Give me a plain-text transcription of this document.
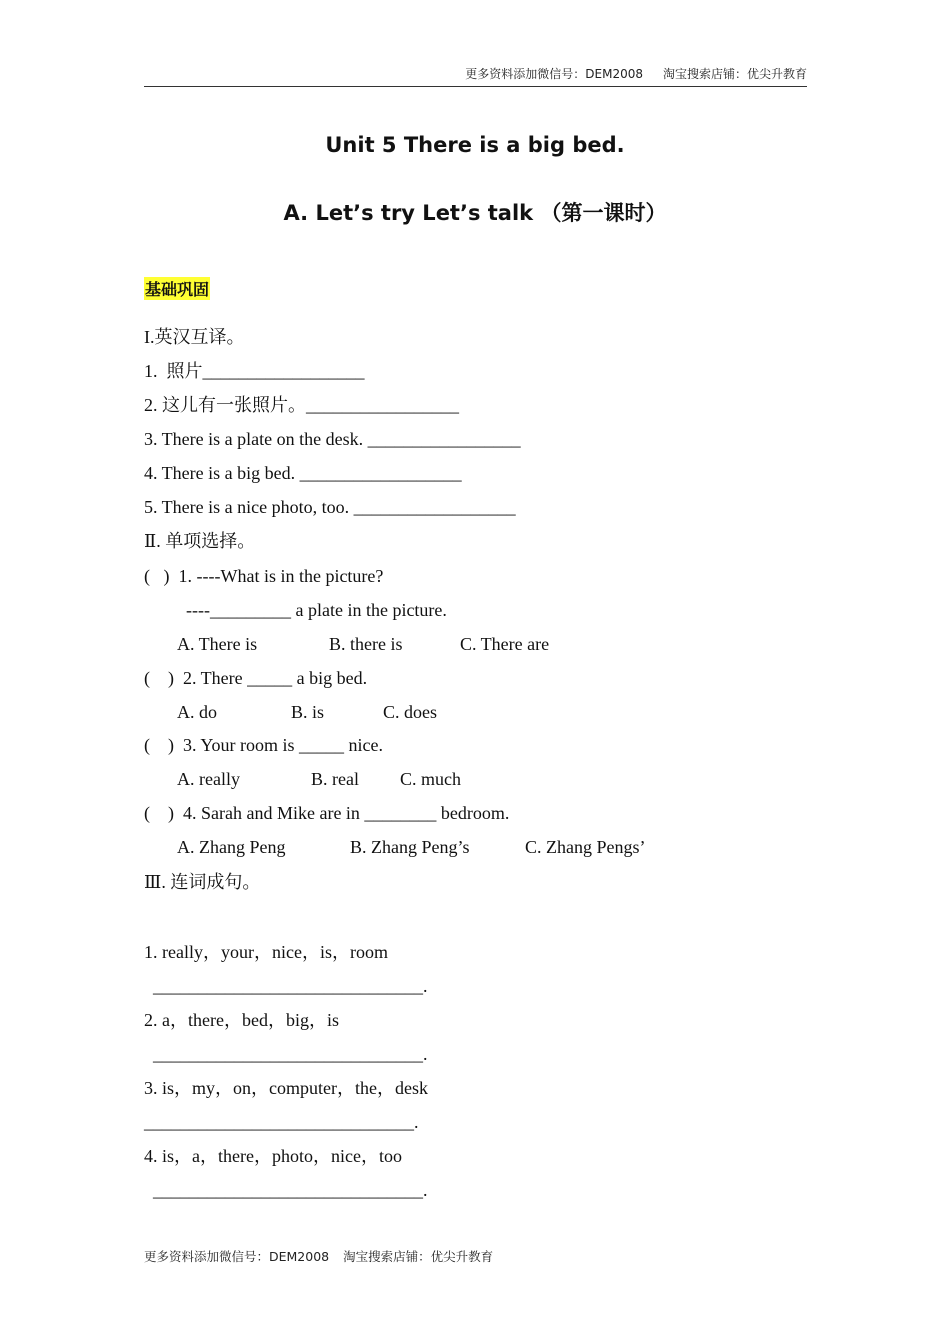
更多资料添加微信号：DEM2008 淘宝搜索店铺：优尖升教育
Unit 5 There is a big bed.
A. Let’s try Let’s talk （第一课时）
基础巩固
I.英汉互译。
1.  照片__________________
2. 这儿有一张照片。_________________
3. There is a plate on the desk. _________________
4. There is a big bed. __________________
5. There is a nice photo, too. __________________
Ⅱ. 单项选择。
(   )  1. ----What is in the picture?
----_________ a plate in the picture.
A. There is	B. there is	C. There are
(    )  2. There _____ a big bed.
A. do	B. is	C. does
(    )  3. Your room is _____ nice.
A. really	B. real C. much
(    )  4. Sarah and Mike are in ________ bedroom.
A. Zhang Peng	B. Zhang Peng’s	C. Zhang Pengs’
Ⅲ. 连词成句。
1. really，your，nice，is，room
______________________________.
2. a，there，bed，big，is
______________________________.
3. is，my，on，computer，the，desk
______________________________.
4. is，a，there，photo，nice，too
______________________________.
更多资料添加微信号：DEM2008 淘宝搜索店铺：优尖升教育
